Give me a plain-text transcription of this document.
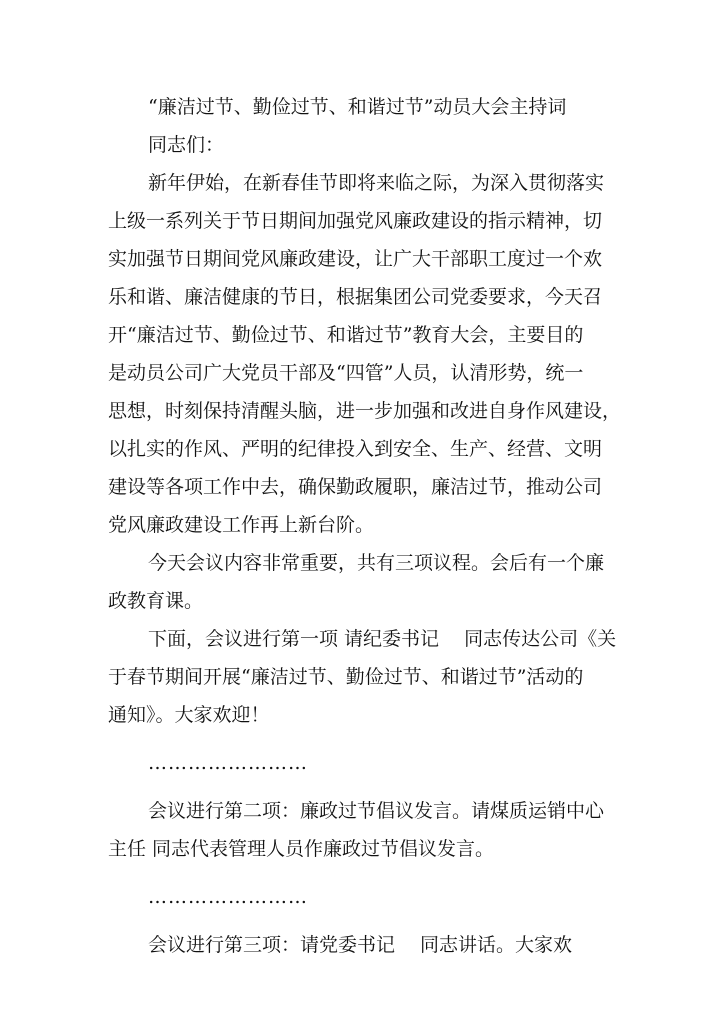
“廉洁过节、勤俭过节、和谐过节”动员大会主持词

同志们：

新年伊始，在新春佳节即将来临之际，为深入贯彻落实
上级一系列关于节日期间加强党风廉政建设的指示精神，切
实加强节日期间党风廉政建设，让广大干部职工度过一个欢
乐和谐、廉洁健康的节日，根据集团公司党委要求，今天召
开“廉洁过节、勤俭过节、和谐过节”教育大会，主要目的
是动员公司广大党员干部及“四管”人员，认清形势，统一
思想，时刻保持清醒头脑，进一步加强和改进自身作风建设，
以扎实的作风、严明的纪律投入到安全、生产、经营、文明
建设等各项工作中去，确保勤政履职，廉洁过节，推动公司
党风廉政建设工作再上新台阶。
今天会议内容非常重要，共有三项议程。会后有一个廉
政教育课。
下面，会议进行第一项 请纪委书记　 同志传达公司《关
于春节期间开展“廉洁过节、勤俭过节、和谐过节”活动的
通知》。大家欢迎！

……………………

会议进行第二项：廉政过节倡议发言。请煤质运销中心
主任 同志代表管理人员作廉政过节倡议发言。

……………………

会议进行第三项：请党委书记　 同志讲话。大家欢
